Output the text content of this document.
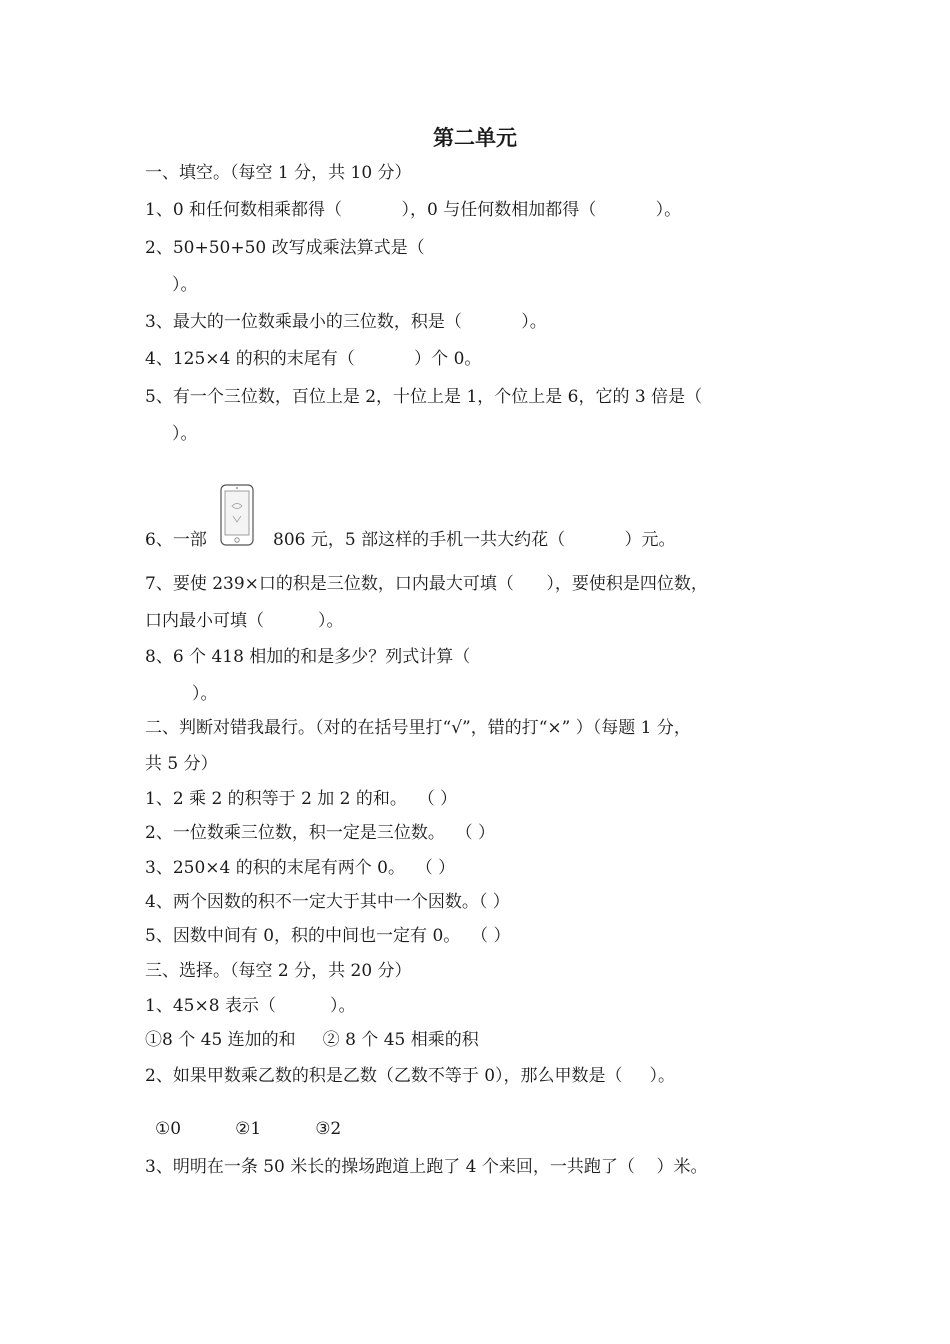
第二单元
一、填空。（每空 1 分，共 10 分）
1、0 和任何数相乘都得（           ），0 与任何数相加都得（           ）。
2、50+50+50 改写成乘法算式是（
）。
3、最大的一位数乘最小的三位数，积是（           ）。
4、125×4 的积的末尾有（           ）个 0。
5、有一个三位数，百位上是 2，十位上是 1，个位上是 6，它的 3 倍是（
）。
6、一部	806 元，5 部这样的手机一共大约花（           ）元。
7、要使 239×口的积是三位数，口内最大可填（      ），要使积是四位数，
口内最小可填（          ）。
8、6 个 418 相加的和是多少？列式计算（
）。
二、判断对错我最行。（对的在括号里打“√”，错的打“×” ）（每题 1 分，
共 5 分）
1、2 乘 2 的积等于 2 加 2 的和。  （ ）
2、一位数乘三位数，积一定是三位数。  （ ）
3、250×4 的积的末尾有两个 0。  （ ）
4、两个因数的积不一定大于其中一个因数。（ ）
5、因数中间有 0，积的中间也一定有 0。  （ ）
三、选择。（每空 2 分，共 20 分）
1、45×8 表示（          ）。
①8 个 45 连加的和     ② 8 个 45 相乘的积
2、如果甲数乘乙数的积是乙数（乙数不等于 0），那么甲数是（     ）。
①0          ②1          ③2
3、明明在一条 50 米长的操场跑道上跑了 4 个来回，一共跑了（    ）米。
